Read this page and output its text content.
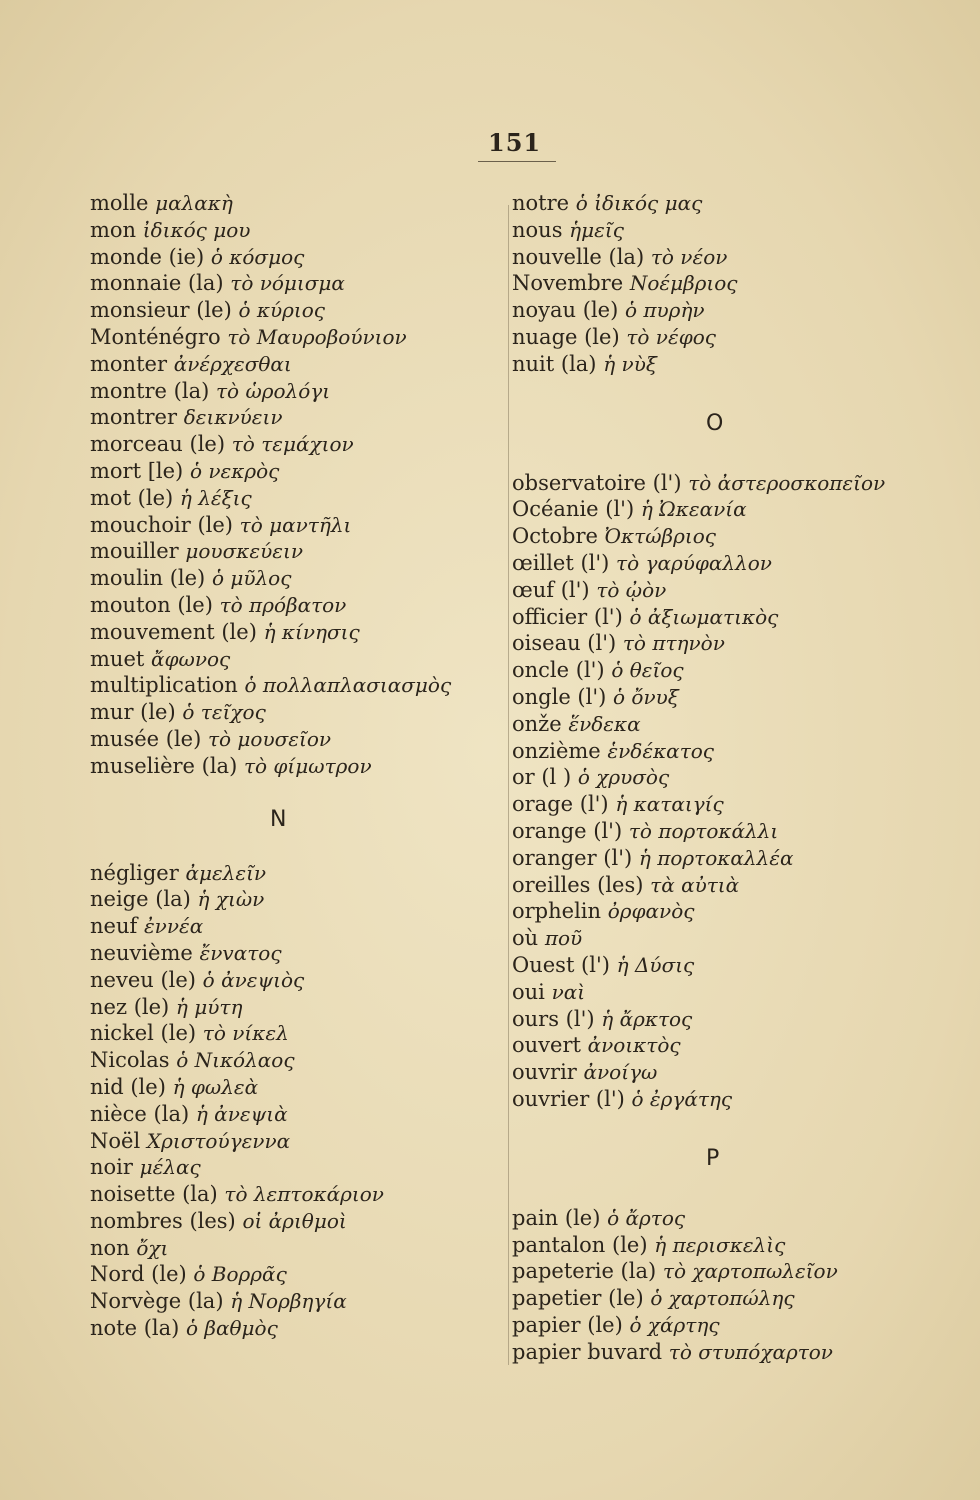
151
molle μαλακὴ
mon ἰδικός μου
monde (ie) ὁ κόσμος
monnaie (la) τὸ νόμισμα
monsieur (le) ὁ κύριος
Monténégro τὸ Μαυροβούνιον
monter ἀνέρχεσθαι
montre (la) τὸ ὡρολόγι
montrer δεικνύειν
morceau (le) τὸ τεμάχιον
mort [le) ὁ νεκρὸς
mot (le) ἡ λέξις
mouchoir (le) τὸ μαντῆλι
mouiller μουσκεύειν
moulin (le) ὁ μῦλος
mouton (le) τὸ πρόβατον
mouvement (le) ἡ κίνησις
muet ἄφωνος
multiplication ὁ πολλαπλασιασμὸς
mur (le) ὁ τεῖχος
musée (le) τὸ μουσεῖον
muselière (la) τὸ φίμωτρον
N
négliger ἀμελεῖν
neige (la) ἡ χιὼν
neuf ἐννέα
neuvième ἔνvατος
neveu (le) ὁ ἀνεψιὸς
nez (le) ἡ μύτη
nickel (le) τὸ νίκελ
Nicolas ὁ Νικόλαος
nid (le) ἡ φωλεὰ
nièce (la) ἡ ἀνεψιὰ
Noël Χριστούγεννα
noir μέλας
noisette (la) τὸ λεπτοκάριον
nombres (les) οἱ ἀριθμοὶ
non ὄχι
Nord (le) ὁ Βορρᾶς
Norvège (la) ἡ Νορβηγία
note (la) ὁ βαθμὸς
notre ὁ ἰδικός μας
nous ἡμεῖς
nouvelle (la) τὸ νέον
Novembre Νοέμβριος
noyau (le) ὁ πυρὴν
nuage (le) τὸ νέφος
nuit (la) ἡ νὺξ
O
observatoire (l') τὸ ἀστεροσκοπεῖον
Océanie (l') ἡ Ὠκεανία
Octobre Ὀκτώβριος
œillet (l') τὸ γαρύφαλλον
œuf (l') τὸ ᾠὸν
officier (l') ὁ ἀξιωματικὸς
oiseau (l') τὸ πτηνὸν
oncle (l') ὁ θεῖος
ongle (l') ὁ ὄνυξ
onže ἕνδεκα
onzième ἑνδέκατος
or (l ) ὁ χρυσὸς
orage (l') ἡ καταιγίς
orange (l') τὸ πορτοκάλλι
oranger (l') ἡ πορτοκαλλέα
oreilles (les) τὰ αὐτιὰ
orphelin ὀρφανὸς
où ποῦ
Ouest (l') ἡ Δύσις
oui ναὶ
ours (l') ἡ ἄρκτος
ouvert ἀνοικτὸς
ouvrir ἀνοίγω
ouvrier (l') ὁ ἐργάτης
P
pain (le) ὁ ἄρτος
pantalon (le) ἡ περισκελὶς
papeterie (la) τὸ χαρτοπωλεῖον
papetier (le) ὁ χαρτοπώλης
papier (le) ὁ χάρτης
papier buvard τὸ στυπόχαρτον
